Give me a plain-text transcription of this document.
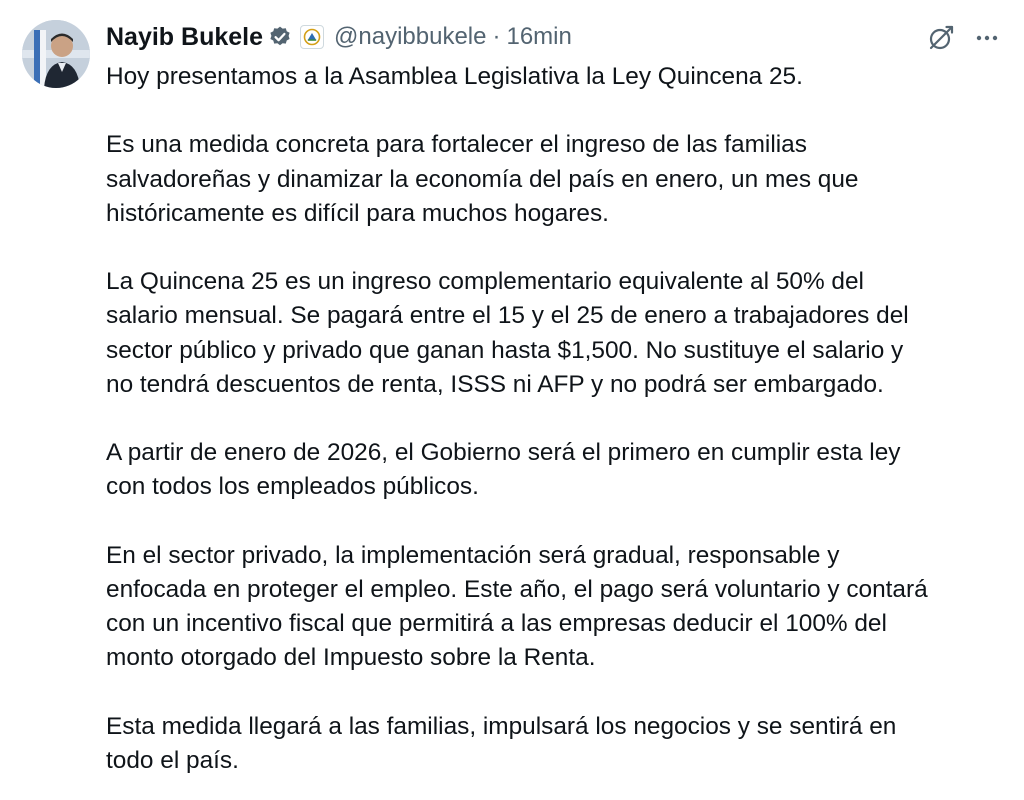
Nayib Bukele	@nayibbukele · 16min
Hoy presentamos a la Asamblea Legislativa la Ley Quincena 25.

Es una medida concreta para fortalecer el ingreso de las familias
salvadoreñas y dinamizar la economía del país en enero, un mes que
históricamente es difícil para muchos hogares.

La Quincena 25 es un ingreso complementario equivalente al 50% del
salario mensual. Se pagará entre el 15 y el 25 de enero a trabajadores del
sector público y privado que ganan hasta $1,500. No sustituye el salario y
no tendrá descuentos de renta, ISSS ni AFP y no podrá ser embargado.

A partir de enero de 2026, el Gobierno será el primero en cumplir esta ley
con todos los empleados públicos.

En el sector privado, la implementación será gradual, responsable y
enfocada en proteger el empleo. Este año, el pago será voluntario y contará
con un incentivo fiscal que permitirá a las empresas deducir el 100% del
monto otorgado del Impuesto sobre la Renta.

Esta medida llegará a las familias, impulsará los negocios y se sentirá en
todo el país.
